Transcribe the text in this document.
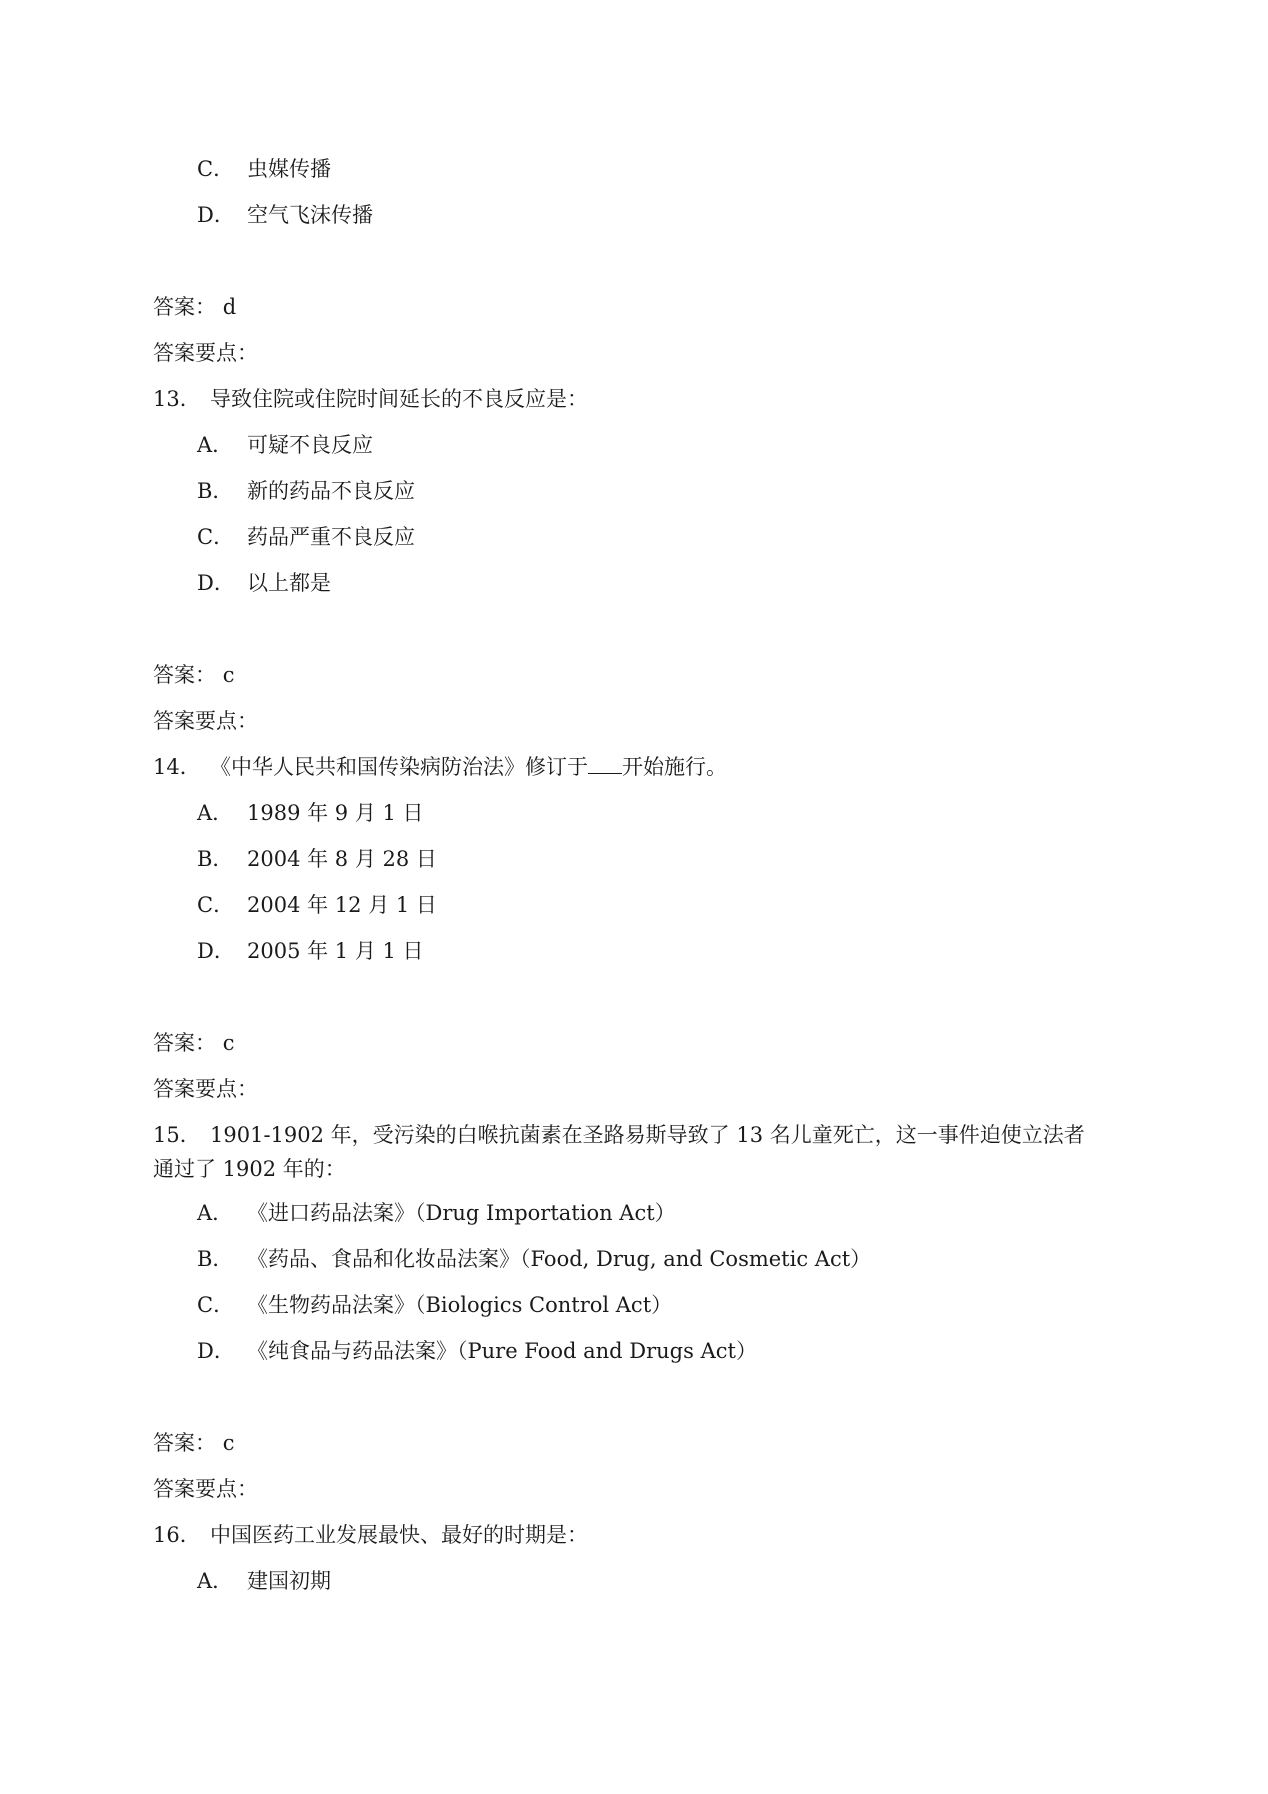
C． 虫媒传播
D． 空气飞沫传播
答案： d
答案要点：
13． 导致住院或住院时间延长的不良反应是：
A． 可疑不良反应
B． 新的药品不良反应
C． 药品严重不良反应
D． 以上都是
答案： c
答案要点：
14． 《中华人民共和国传染病防治法》修订于 开始施行。
A． 1989 年 9 月 1 日
B． 2004 年 8 月 28 日
C． 2004 年 12 月 1 日
D． 2005 年 1 月 1 日
答案： c
答案要点：
15． 1901-1902 年，受污染的白喉抗菌素在圣路易斯导致了 13 名儿童死亡，这一事件迫使立法者
通过了 1902 年的：
A． 《进口药品法案》（Drug Importation Act）
B． 《药品、食品和化妆品法案》（Food, Drug, and Cosmetic Act）
C． 《生物药品法案》（Biologics Control Act）
D． 《纯食品与药品法案》（Pure Food and Drugs Act）
答案： c
答案要点：
16． 中国医药工业发展最快、最好的时期是：
A． 建国初期
